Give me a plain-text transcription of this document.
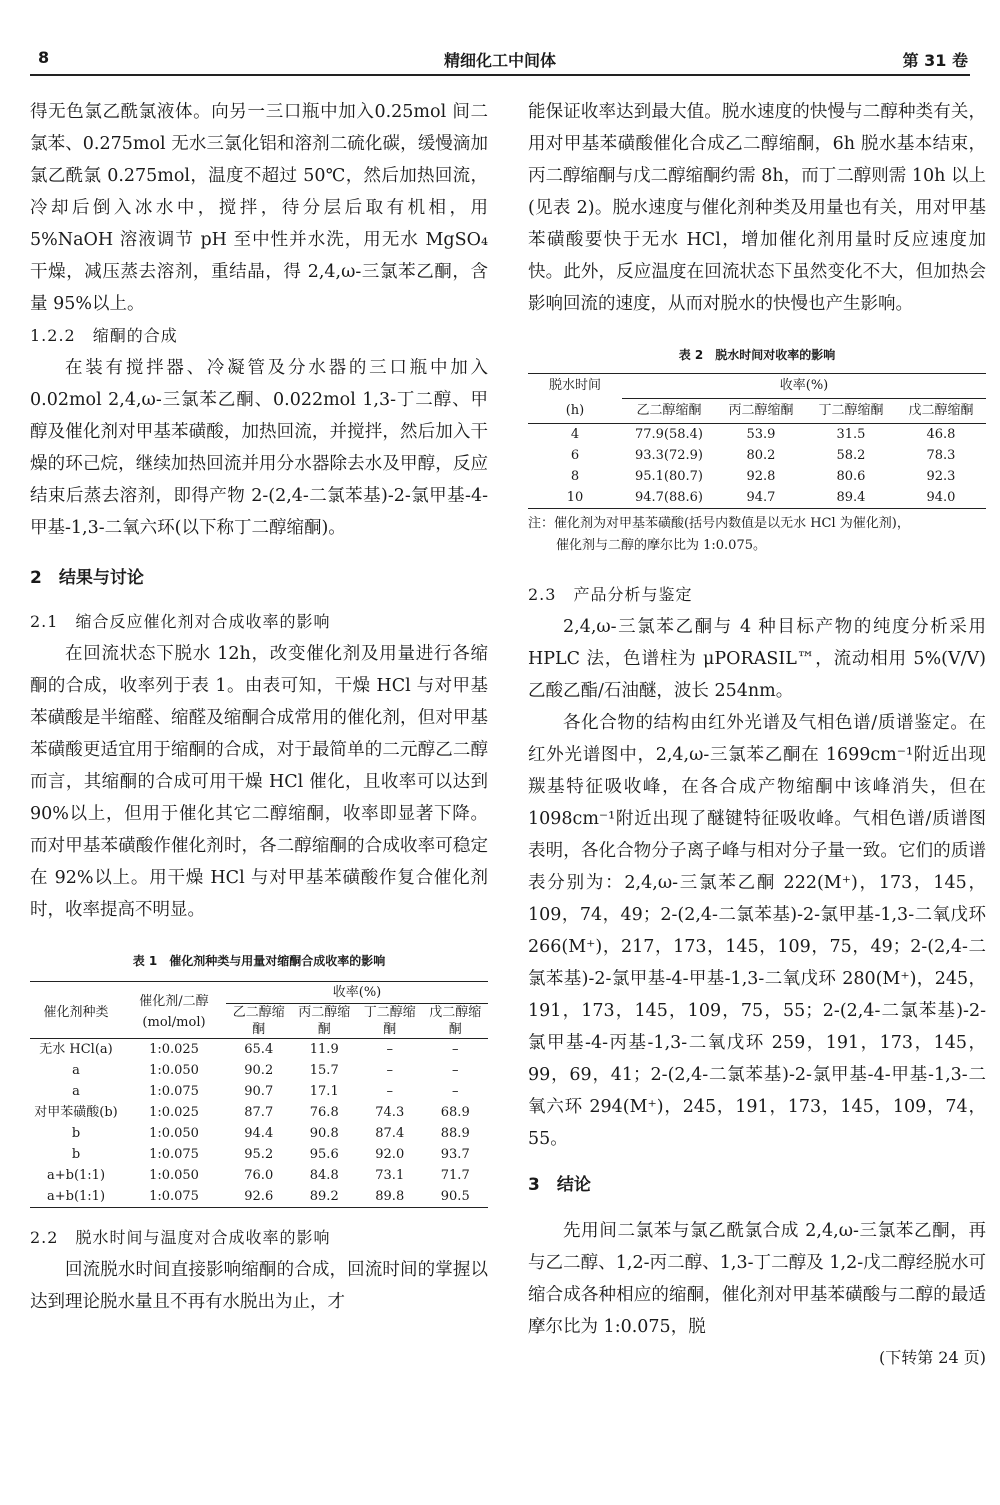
8	精细化工中间体	第 31 卷

得无色氯乙酰氯液体。向另一三口瓶中加入0.25mol 间二氯苯、0.275mol 无水三氯化铝和溶剂二硫化碳，缓慢滴加氯乙酰氯 0.275mol，温度不超过 50℃，然后加热回流，冷却后倒入冰水中，搅拌，待分层后取有机相，用 5%NaOH 溶液调节 pH 至中性并水洗，用无水 MgSO₄ 干燥，减压蒸去溶剂，重结晶，得 2,4,ω-三氯苯乙酮，含量 95%以上。

1.2.2　缩酮的合成

在装有搅拌器、冷凝管及分水器的三口瓶中加入 0.02mol 2,4,ω-三氯苯乙酮、0.022mol 1,3-丁二醇、甲醇及催化剂对甲基苯磺酸，加热回流，并搅拌，然后加入干燥的环己烷，继续加热回流并用分水器除去水及甲醇，反应结束后蒸去溶剂，即得产物 2-(2,4-二氯苯基)-2-氯甲基-4-甲基-1,3-二氧六环(以下称丁二醇缩酮)。

2　结果与讨论
2.1　缩合反应催化剂对合成收率的影响

在回流状态下脱水 12h，改变催化剂及用量进行各缩酮的合成，收率列于表 1。由表可知，干燥 HCl 与对甲基苯磺酸是半缩醛、缩醛及缩酮合成常用的催化剂，但对甲基苯磺酸更适宜用于缩酮的合成，对于最简单的二元醇乙二醇而言，其缩酮的合成可用干燥 HCl 催化，且收率可以达到 90%以上，但用于催化其它二醇缩酮，收率即显著下降。而对甲基苯磺酸作催化剂时，各二醇缩酮的合成收率可稳定在 92%以上。用干燥 HCl 与对甲基苯磺酸作复合催化剂时，收率提高不明显。

表 1　催化剂种类与用量对缩酮合成收率的影响
催化剂种类	催化剂/二醇(mol/mol)	收率(%)			
		乙二醇缩酮	丙二醇缩酮	丁二醇缩酮	戊二醇缩酮
无水 HCl(a)	1:0.025	65.4	11.9	–	–
a	1:0.050	90.2	15.7	–	–
a	1:0.075	90.7	17.1	–	–
对甲苯磺酸(b)	1:0.025	87.7	76.8	74.3	68.9
b	1:0.050	94.4	90.8	87.4	88.9
b	1:0.075	95.2	95.6	92.0	93.7
a+b(1:1)	1:0.050	76.0	84.8	73.1	71.7
a+b(1:1)	1:0.075	92.6	89.2	89.8	90.5
2.2　脱水时间与温度对合成收率的影响

回流脱水时间直接影响缩酮的合成，回流时间的掌握以达到理论脱水量且不再有水脱出为止，才

能保证收率达到最大值。脱水速度的快慢与二醇种类有关，用对甲基苯磺酸催化合成乙二醇缩酮，6h 脱水基本结束，丙二醇缩酮与戊二醇缩酮约需 8h，而丁二醇则需 10h 以上(见表 2)。脱水速度与催化剂种类及用量也有关，用对甲基苯磺酸要快于无水 HCl，增加催化剂用量时反应速度加快。此外，反应温度在回流状态下虽然变化不大，但加热会影响回流的速度，从而对脱水的快慢也产生影响。

表 2　脱水时间对收率的影响
脱水时间	收率(%)			
(h)	乙二醇缩酮	丙二醇缩酮	丁二醇缩酮	戊二醇缩酮
4	77.9(58.4)	53.9	31.5	46.8
6	93.3(72.9)	80.2	58.2	78.3
8	95.1(80.7)	92.8	80.6	92.3
10	94.7(88.6)	94.7	89.4	94.0
注：催化剂为对甲基苯磺酸(括号内数值是以无水 HCl 为催化剂)，
催化剂与二醇的摩尔比为 1:0.075。
2.3　产品分析与鉴定

2,4,ω-三氯苯乙酮与 4 种目标产物的纯度分析采用 HPLC 法，色谱柱为 μPORASIL™，流动相用 5%(V/V)乙酸乙酯/石油醚，波长 254nm。

各化合物的结构由红外光谱及气相色谱/质谱鉴定。在红外光谱图中，2,4,ω-三氯苯乙酮在 1699cm⁻¹附近出现羰基特征吸收峰，在各合成产物缩酮中该峰消失，但在 1098cm⁻¹附近出现了醚键特征吸收峰。气相色谱/质谱图表明，各化合物分子离子峰与相对分子量一致。它们的质谱表分别为：2,4,ω-三氯苯乙酮 222(M⁺)，173，145，109，74，49；2-(2,4-二氯苯基)-2-氯甲基-1,3-二氧戊环 266(M⁺)，217，173，145，109，75，49；2-(2,4-二氯苯基)-2-氯甲基-4-甲基-1,3-二氧戊环 280(M⁺)，245，191，173，145，109，75，55；2-(2,4-二氯苯基)-2-氯甲基-4-丙基-1,3-二氧戊环 259，191，173，145，99，69，41；2-(2,4-二氯苯基)-2-氯甲基-4-甲基-1,3-二氧六环 294(M⁺)，245，191，173，145，109，74，55。

3　结论

先用间二氯苯与氯乙酰氯合成 2,4,ω-三氯苯乙酮，再与乙二醇、1,2-丙二醇、1,3-丁二醇及 1,2-戊二醇经脱水可缩合成各种相应的缩酮，催化剂对甲基苯磺酸与二醇的最适摩尔比为 1:0.075，脱

(下转第 24 页)
